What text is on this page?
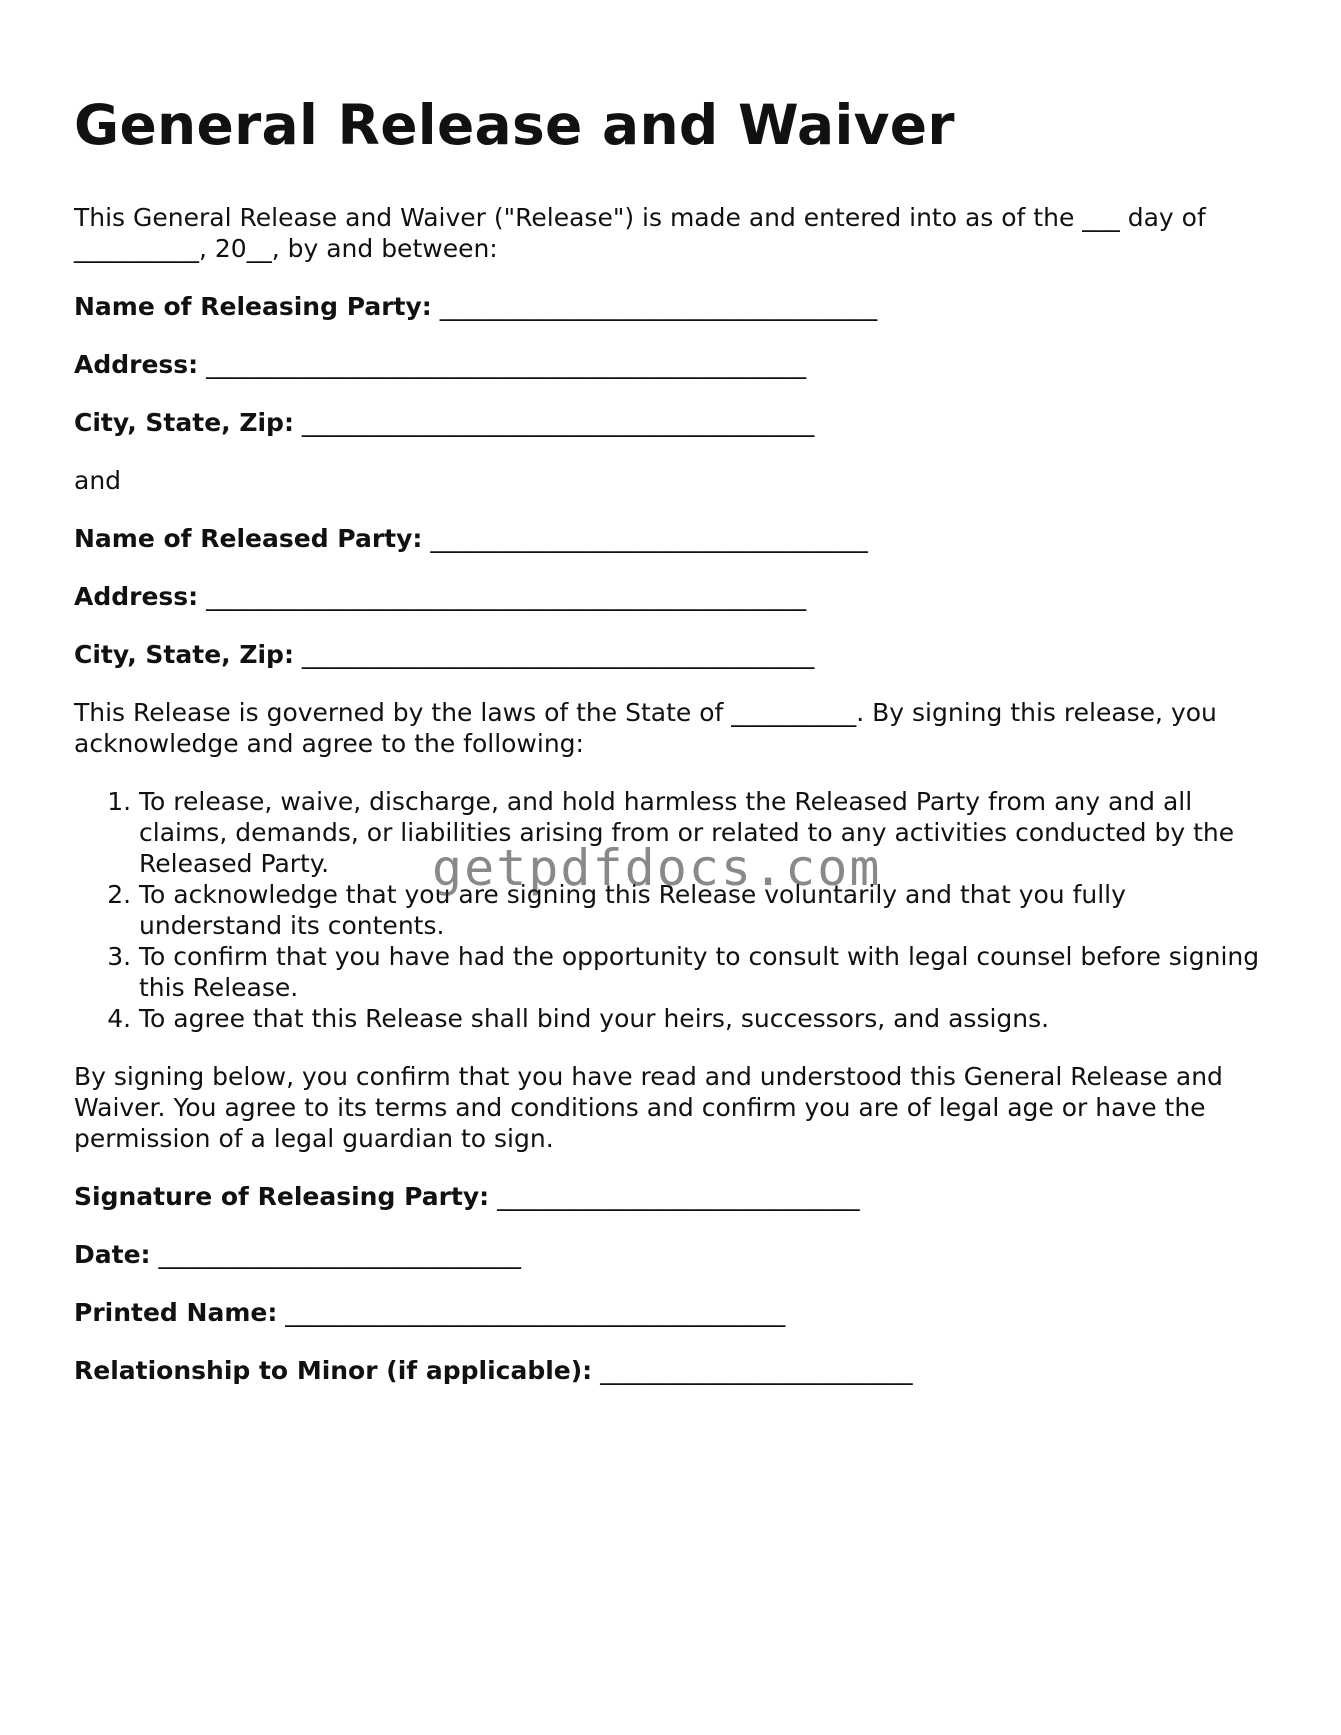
General Release and Waiver

This General Release and Waiver ("Release") is made and entered into as of the ___ day of __________, 20__, by and between:

Name of Releasing Party: ___________________________________
Address: ________________________________________________
City, State, Zip: _________________________________________

and

Name of Released Party: ___________________________________
Address: ________________________________________________
City, State, Zip: _________________________________________

This Release is governed by the laws of the State of __________. By signing this release, you acknowledge and agree to the following:

1. To release, waive, discharge, and hold harmless the Released Party from any and all claims, demands, or liabilities arising from or related to any activities conducted by the Released Party.
2. To acknowledge that you are signing this Release voluntarily and that you fully understand its contents.
3. To confirm that you have had the opportunity to consult with legal counsel before signing this Release.
4. To agree that this Release shall bind your heirs, successors, and assigns.

By signing below, you confirm that you have read and understood this General Release and Waiver. You agree to its terms and conditions and confirm you are of legal age or have the permission of a legal guardian to sign.

Signature of Releasing Party: _____________________________
Date: _____________________________
Printed Name: ________________________________________
Relationship to Minor (if applicable): _________________________
getpdfdocs.com
